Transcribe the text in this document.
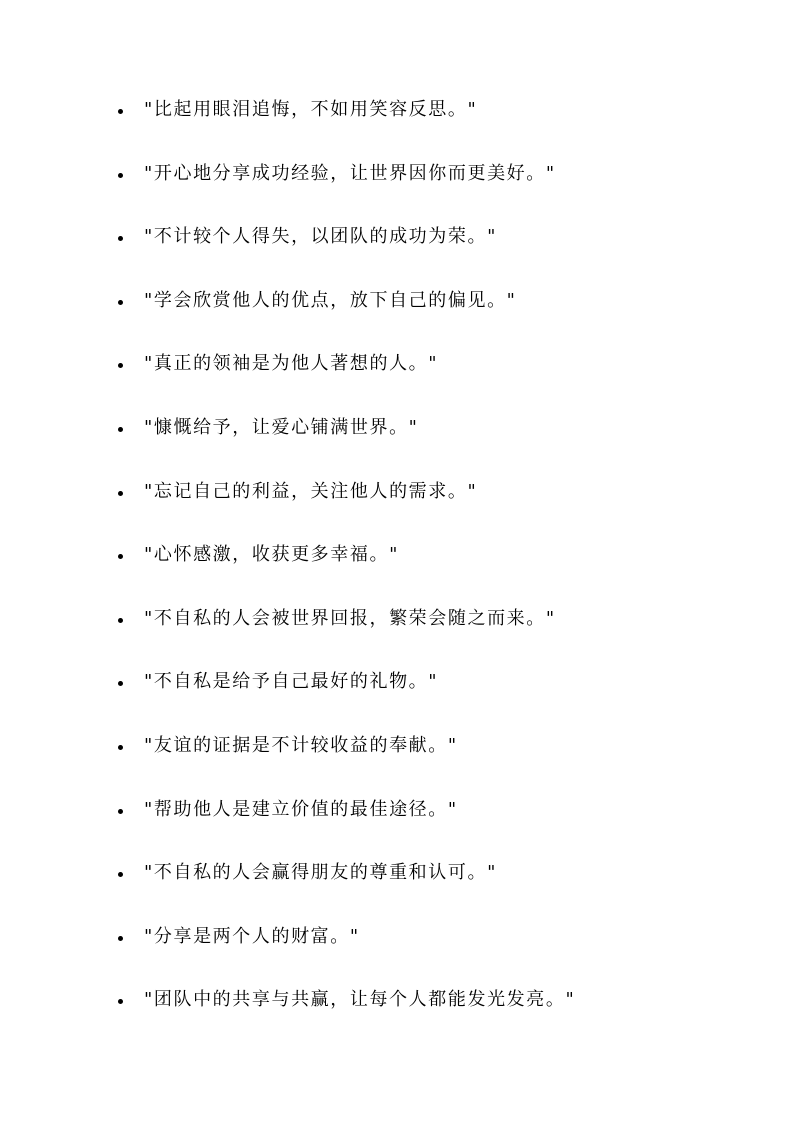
"比起用眼泪追悔，不如用笑容反思。"
"开心地分享成功经验，让世界因你而更美好。"
"不计较个人得失，以团队的成功为荣。"
"学会欣赏他人的优点，放下自己的偏见。"
"真正的领袖是为他人著想的人。"
"慷慨给予，让爱心铺满世界。"
"忘记自己的利益，关注他人的需求。"
"心怀感激，收获更多幸福。"
"不自私的人会被世界回报，繁荣会随之而来。"
"不自私是给予自己最好的礼物。"
"友谊的证据是不计较收益的奉献。"
"帮助他人是建立价值的最佳途径。"
"不自私的人会赢得朋友的尊重和认可。"
"分享是两个人的财富。"
"团队中的共享与共赢，让每个人都能发光发亮。"
